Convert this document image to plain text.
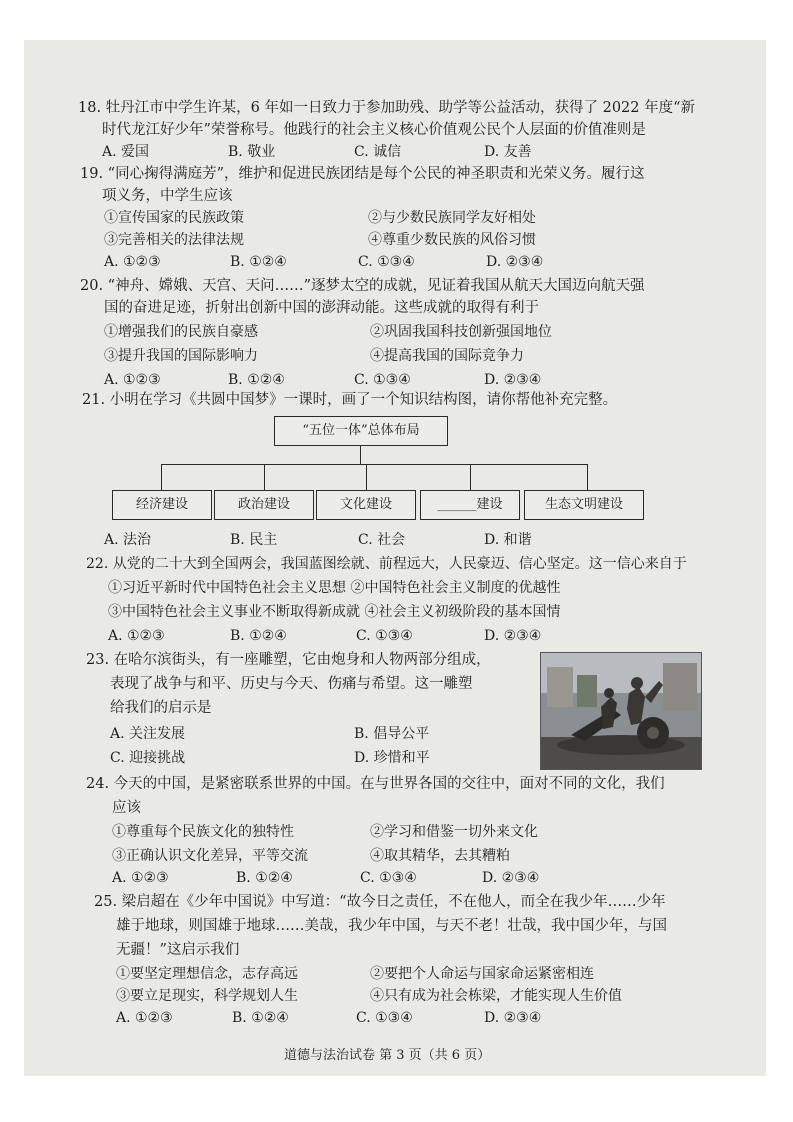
18. 牡丹江市中学生许某，6 年如一日致力于参加助残、助学等公益活动，获得了 2022 年度“新
时代龙江好少年”荣誉称号。他践行的社会主义核心价值观公民个人层面的价值准则是
A. 爱国	B. 敬业	C. 诚信	D. 友善
19. “同心掬得满庭芳”，维护和促进民族团结是每个公民的神圣职责和光荣义务。履行这
项义务，中学生应该
①宣传国家的民族政策	②与少数民族同学友好相处
③完善相关的法律法规	④尊重少数民族的风俗习惯
A. ①②③	B. ①②④	C. ①③④	D. ②③④
20. “神舟、嫦娥、天宫、天问……”逐梦太空的成就，见证着我国从航天大国迈向航天强
国的奋进足迹，折射出创新中国的澎湃动能。这些成就的取得有利于
①增强我们的民族自豪感	②巩固我国科技创新强国地位
③提升我国的国际影响力	④提高我国的国际竞争力
A. ①②③	B. ①②④	C. ①③④	D. ②③④
21. 小明在学习《共圆中国梦》一课时，画了一个知识结构图，请你帮他补充完整。
“五位一体”总体布局
经济建设	政治建设	文化建设	______建设	生态文明建设
A. 法治	B. 民主	C. 社会	D. 和谐
22. 从党的二十大到全国两会，我国蓝图绘就、前程远大，人民豪迈、信心坚定。这一信心来自于
①习近平新时代中国特色社会主义思想 ②中国特色社会主义制度的优越性
③中国特色社会主义事业不断取得新成就 ④社会主义初级阶段的基本国情
A. ①②③	B. ①②④	C. ①③④	D. ②③④
23. 在哈尔滨街头，有一座雕塑，它由炮身和人物两部分组成，
表现了战争与和平、历史与今天、伤痛与希望。这一雕塑
给我们的启示是
A. 关注发展	B. 倡导公平
C. 迎接挑战	D. 珍惜和平
24. 今天的中国，是紧密联系世界的中国。在与世界各国的交往中，面对不同的文化，我们
应该
①尊重每个民族文化的独特性	②学习和借鉴一切外来文化
③正确认识文化差异，平等交流	④取其精华，去其糟粕
A. ①②③	B. ①②④	C. ①③④	D. ②③④
25. 梁启超在《少年中国说》中写道：“故今日之责任，不在他人，而全在我少年……少年
雄于地球，则国雄于地球……美哉，我少年中国，与天不老！壮哉，我中国少年，与国
无疆！”这启示我们
①要坚定理想信念，志存高远	②要把个人命运与国家命运紧密相连
③要立足现实，科学规划人生	④只有成为社会栋梁，才能实现人生价值
A. ①②③	B. ①②④	C. ①③④	D. ②③④
道德与法治试卷 第 3 页（共 6 页）
